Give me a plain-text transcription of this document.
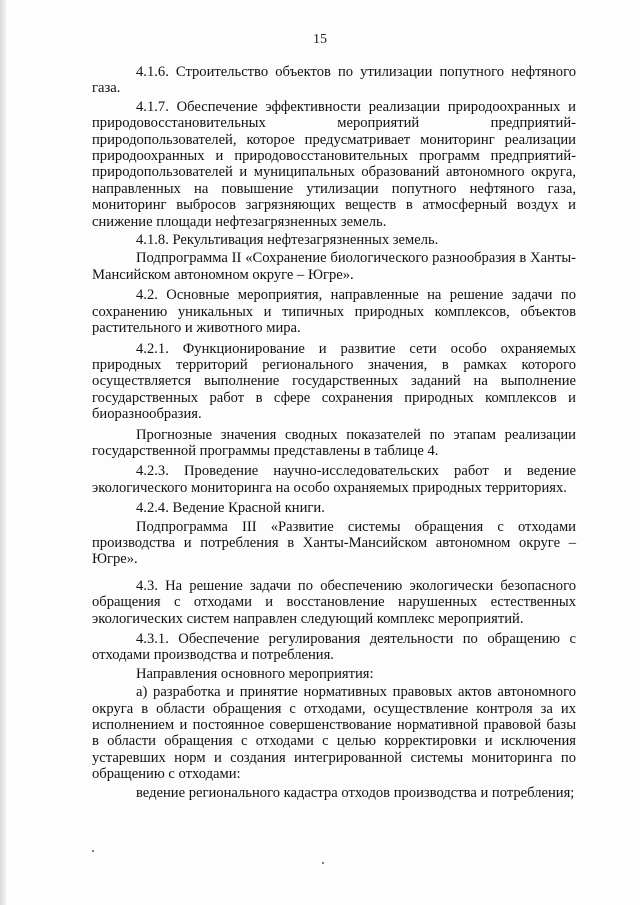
15

4.1.6. Строительство объектов по утилизации попутного нефтяного газа.

4.1.7. Обеспечение эффективности реализации природоохранных и природовосстановительных мероприятий предприятий-природопользователей, которое предусматривает мониторинг реализации природоохранных и природовосстановительных программ предприятий-природопользователей и муниципальных образований автономного округа, направленных на повышение утилизации попутного нефтяного газа, мониторинг выбросов загрязняющих веществ в атмосферный воздух и снижение площади нефтезагрязненных земель.

4.1.8. Рекультивация нефтезагрязненных земель.

Подпрограмма II «Сохранение биологического разнообразия в Ханты-Мансийском автономном округе – Югре».

4.2. Основные мероприятия, направленные на решение задачи по сохранению уникальных и типичных природных комплексов, объектов растительного и животного мира.

4.2.1. Функционирование и развитие сети особо охраняемых природных территорий регионального значения, в рамках которого осуществляется выполнение государственных заданий на выполнение государственных работ в сфере сохранения природных комплексов и биоразнообразия.

Прогнозные значения сводных показателей по этапам реализации государственной программы представлены в таблице 4.

4.2.3. Проведение научно-исследовательских работ и ведение экологического мониторинга на особо охраняемых природных территориях.

4.2.4. Ведение Красной книги.

Подпрограмма III «Развитие системы обращения с отходами производства и потребления в Ханты-Мансийском автономном округе – Югре».

4.3. На решение задачи по обеспечению экологически безопасного обращения с отходами и восстановление нарушенных естественных экологических систем направлен следующий комплекс мероприятий.

4.3.1. Обеспечение регулирования деятельности по обращению с отходами производства и потребления.

Направления основного мероприятия:

а) разработка и принятие нормативных правовых актов автономного округа в области обращения с отходами, осуществление контроля за их исполнением и постоянное совершенствование нормативной правовой базы в области обращения с отходами с целью корректировки и исключения устаревших норм и создания интегрированной системы мониторинга по обращению с отходами:

ведение регионального кадастра отходов производства и потребления;
